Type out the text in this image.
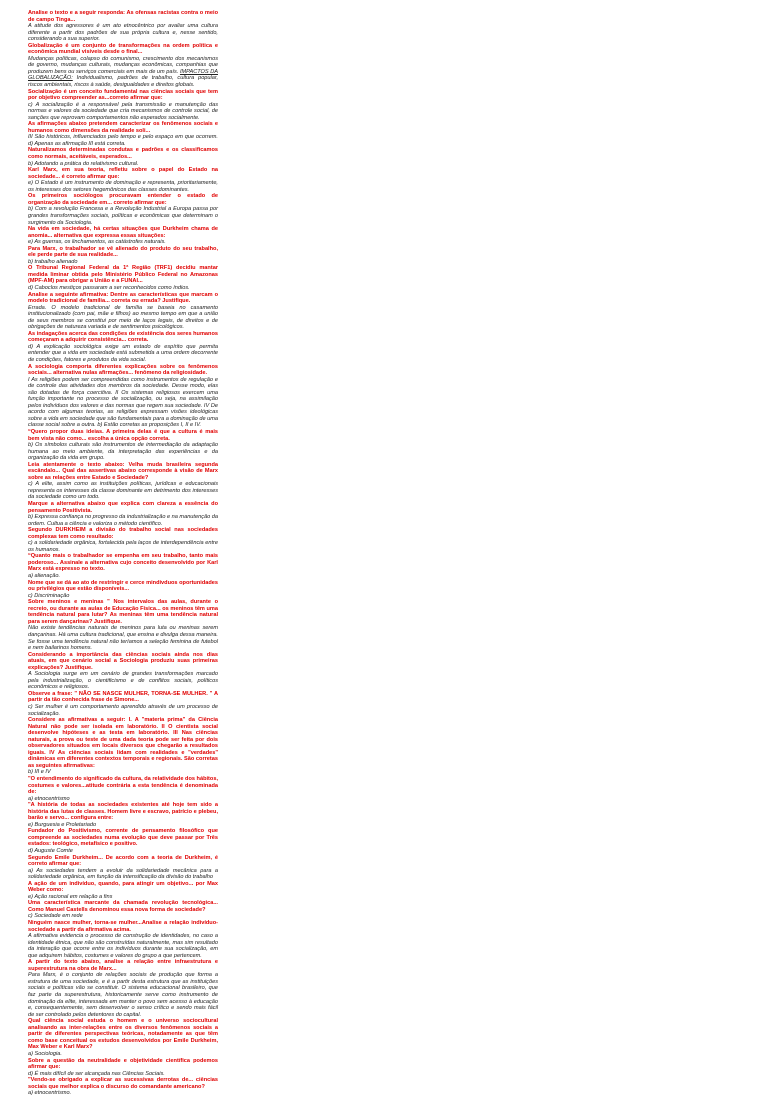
Analise o texto e a seguir responda: As ofensas racistas contra o meio de campo Tinga...

A atitude dos agressores é um ato etnocêntrico por avaliar uma cultura diferente a partir dos padrões de sua própria cultura e, nesse sentido, considerando a sua superior.

Globalização é um conjunto de transformações na ordem política e econômica mundial visíveis desde o final...

Mudanças políticas, colapso do comunismo, crescimento dos mecanismos de governo, mudanças culturais, mudanças econômicas, companhias que produzem bens ou serviços comerciais em mais de um país. IMPACTOS DA GLOBALIZAÇÃO: Individualismo, padrões de trabalho, cultura popular, riscos ambientais, riscos à saúde, desigualdades e direitos globais.

Socialização é um conceito fundamental nas ciências sociais que tem por objetivo compreender as...correto afirmar que:

c) A socialização é a responsável pela transmissão e manutenção das normas e valores da sociedade que cria mecanismos de controle social, de sanções que reprovam comportamentos não esperados socialmente.

As afirmações abaixo pretendem caracterizar os fenômenos sociais e humanos como dimensões da realidade soli...

III São históricos, influenciados pelo tempo e pelo espaço em que ocorrem. d) Apenas as afirmação III está correta.

Naturalizamos determinadas condutas e padrões e os classificamos como normais, aceitáveis, esperados...

b) Adotando a prática do relativismo cultural.

Karl Marx, em sua teoria, refletiu sobre o papel do Estado na sociedade... é correto afirmar que:

e) O Estado é um instrumento de dominação e representa, prioritariamente, os interesses dos setores hegemônicos das classes dominantes.

Os primeiros sociólogos procuravam entender o estado de organização da sociedade em... correto afirmar que:

b) Com a revolução Francesa e a Revolução Industrial a Europa passa por grandes transformações sociais, políticas e econômicas que determinam o surgimento da Sociologia.

Na vida em sociedade, há certas situações que Durkheim chama de anomia... alternativa que expressa essas situações:

e) As guerras, os linchamentos, as catástrofes naturais.

Para Marx, o trabalhador se vê alienado do produto do seu trabalho, ele perde parte de sua realidade...

b) trabalho alienado

O Tribunal Regional Federal da 1ª Região (TRF1) decidiu mantar medida liminar obtida pelo Ministério Público Federal no Amazonas (MPF-AM) para obrigar a União e a FUNAI...

d) Caboclos mestiços passaram a ser reconhecidos como índios.

Analise a seguinte afirmativa: Dentre as características que marcam o modelo tradicional de família... correta ou errada? Justifique.

Errada. O modelo tradicional de família se baseia no casamento institucionalizado (com pai, mãe e filhos) ao mesmo tempo em que a união de seus membros se constitui por meio de laços legais, de direitos e de obrigações de natureza variada e de sentimentos psicológicos.

As indagações acerca das condições de existência dos seres humanos começaram a adquirir consistência... correta.

d) A explicação sociológica exige um estado de espírito que permita entender que a vida em sociedade está submetida a uma ordem decorrente de condições, fatores e produtos da vida social.

A sociologia comporta diferentes explicações sobre os fenômenos sociais... alternativa nulas afirmações... fenômeno da religiosidade.

I As religiões podem ser compreendidas como instrumentos de regulação e de controle das atividades dos membros da sociedade. Desse modo, elas são dotadas de força coercitiva. II Os sistemas religiosos exercem uma função importante no processo de socialização, ou seja, na assimilação pelos indivíduos dos valores e das normas que regem sua sociedade. IV De acordo com algumas teorias, as religiões expressam visões ideológicas sobre a vida em sociedade que são fundamentais para a dominação de uma classe social sobre a outra. b) Estão corretas as proposições I, II e IV.

“Quero propor duas ideias. A primeira delas é que a cultura é mais bem vista não como... escolha a única opção correta.

b) Os símbolos culturais são instrumentos de intermediação da adaptação humana ao meio ambiente, da interpretação das experiências e da organização da vida em grupo.

Leia atentamente o texto abaixo: Velha muda brasileira segunda escândalo... Qual das assertivas abaixo corresponde à visão de Marx sobre as relações entre Estado e Sociedade?

c) A elite, assim como as instituições políticas, jurídicas e educacionais representa os interesses da classe dominante em detrimento dos interesses da sociedade como um todo.

Marque a alternativa abaixo que explica com clareza a essência do pensamento Positivista.

b) Expressa confiança no progresso da industrialização e na manutenção da ordem. Cultua a ciência e valoriza o método científico.

Segundo DURKHEIM a divisão do trabalho social nas sociedades complexas tem como resultado:

c) a solidariedade orgânica, fortalecida pela laços de interdependência entre os humanos.

“Quanto mais o trabalhador se empenha em seu trabalho, tanto mais poderoso... Assinale a alternativa cujo conceito desenvolvido por Karl Marx está expresso no texto.

a) alienação.

Nome que se dá ao ato de restringir e cerce mindívduos oportunidades ou privilégios que estão disponíveis...

c) Discriminação

Sobre meninos e meninas " Nos intervalos das aulas, durante o recreio, ou durante as aulas de Educação Física... os meninos têm uma tendência natural para lutar? As meninas têm uma tendência natural para serem dançarinas? Justifique.

Não existe tendências naturais de meninos para luta ou meninas serem dançarinas. Há uma cultura tradicional, que ensina e divulga dessa maneira. Se fosse uma tendência natural não teríamos a seleção feminina de futebol e nem bailarinos homens.

Considerando a importância das ciências sociais ainda nos dias atuais, em que cenário social a Sociologia produziu suas primeiras explicações? Justifique.

A Sociologia surge em um cenário de grandes transformações marcado pela industrialização, o cientificismo e de conflitos sociais, políticos econômicos e religiosos.

Observe a frase: " NÃO SE NASCE MULHER, TORNA-SE MULHER. " A partir da tão conhecida frase de Simone...

c) Ser mulher é um comportamento aprendido através de um processo de socialização.

Considere as afirmativas a seguir: I. A "materia prima" da Ciência Natural não pode ser isolada em laboratório. II O cientista social desenvolve hipóteses e as testa em laboratório. III Nas ciências naturais, a prova ou teste de uma dada teoria pode ser feita por dois observadores situados em locais diversos que chegarão a resultados iguais. IV As ciências sociais lidam com realidades e "verdades" dinâmicas em diferentes contextos temporais e regionais. São corretas as seguintes afirmativas:

b) III e IV

"O entendimento do significado da cultura, da relatividade dos hábitos, costumes e valores...atitude contrária a esta tendência é denominada de:

a) etnocentrismo

"A história de todas as sociedades existentes até hoje tem sido a história das lutas de classes. Homem livre e escravo, patrício e plebeu, barão e servo... configura entre:

e) Burguesia e Proletariado

Fundador do Positivismo, corrente de pensamento filosófico que compreende as sociedades numa evolução que deve passar por Três estados: teológico, metafísico e positivo.

d) Auguste Comte

Segundo Emile Durkheim... De acordo com a teoria de Durkheim, é correto afirmar que:

a) As sociedades tendem a evoluir da solidariedade mecânica para a solidariedade orgânica, em função da intensificação da divisão do trabalho

A ação de um indivíduo, quando, para atingir um objetivo... por Max Weber como:

e) Ação racional em relação a fins

Uma característica marcante da chamada revolução tecnológica... Como Manuel Castells denominou essa nova forma de sociedade?

c) Sociedade em rede

Ninguém nasce mulher, torna-se mulher...Analise a relação indivíduo-sociedade a partir da afirmativa acima.

A afirmativa evidencia o processo de construção de identidades, no caso a identidade étnica, que não são construídas naturalmente, mas sim resultado da interação que ocorre entre os indivíduos durante sua socialização, em que adquirem hábitos, costumes e valores do grupo a que pertencem.

A partir do texto abaixo, analise a relação entre infraestrutura e superestrutura na obra de Marx...

Para Marx, é o conjunto de relações sociais de produção que forma a estrutura de uma sociedade, e é a partir desta estrutura que as instituições sociais e políticas vão se constituir. O sistema educacional brasileiro, que faz parte da superestrutura, historicamente serve como instrumento de dominação da elite, interessada em manter o povo sem acesso à educação e, consequentemente, sem desenvolver o senso crítico e sendo mais fácil de ser controlado pelos detentores do capital.

Qual ciência social estuda o homem e o universo sociocultural analisando as inter-relações entre os diversos fenômenos sociais a partir de diferentes perspectivas teóricas, notadamente as que têm como base conceitual os estudos desenvolvidos por Emile Durkheim, Max Weber e Karl Marx?

a) Sociologia.

Sobre a questão da neutralidade e objetividade científica podemos afirmar que:

d) É mais difícil de ser alcançada nas Ciências Sociais.

"Vendo-se obrigado a explicar as sucessivas derrotas de... ciências sociais que melhor explica o discurso do comandante americano?

a) etnocentrismo.
